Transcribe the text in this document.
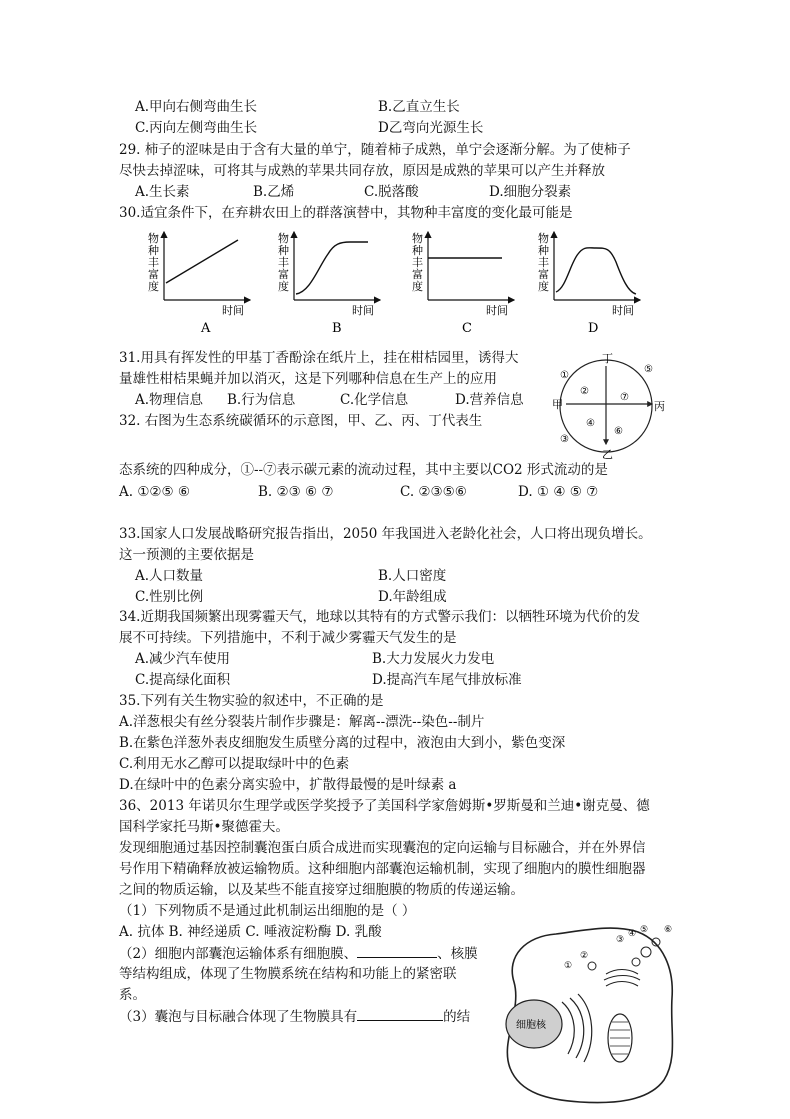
A.甲向右侧弯曲生长	B.乙直立生长
C.丙向左侧弯曲生长	D乙弯向光源生长
29. 柿子的涩味是由于含有大量的单宁，随着柿子成熟，单宁会逐渐分解。为了使柿子
尽快去掉涩味，可将其与成熟的苹果共同存放，原因是成熟的苹果可以产生并释放
A.生长素	B.乙烯	C.脱落酸	D.细胞分裂素
30.适宜条件下，在弃耕农田上的群落演替中，其物种丰富度的变化最可能是
物
种
丰
富
度
时间
A
物
种
丰
富
度
时间
B
物
种
丰
富
度
时间
C
物
种
丰
富
度
时间
D
31.用具有挥发性的甲基丁香酚涂在纸片上，挂在柑桔园里，诱得大
量雄性柑桔果蝇并加以消灭，这是下列哪种信息在生产上的应用
A.物理信息 B.行为信息	C.化学信息	D.营养信息
32. 右图为生态系统碳循环的示意图，甲、乙、丙、丁代表生
态系统的四种成分，①--⑦表示碳元素的流动过程，其中主要以CO2 形式流动的是
A. ①②⑤ ⑥	B. ②③ ⑥ ⑦	C. ②③⑤⑥	D. ① ④ ⑤ ⑦
丁
甲	丙
乙
①
②
③
④
⑤
⑥
⑦
33.国家人口发展战略研究报告指出，2050 年我国进入老龄化社会，人口将出现负增长。
这一预测的主要依据是
A.人口数量	B.人口密度
C.性别比例	D.年龄组成
34.近期我国频繁出现雾霾天气，地球以其特有的方式警示我们：以牺牲环境为代价的发
展不可持续。下列措施中，不利于减少雾霾天气发生的是
A.减少汽车使用	B.大力发展火力发电
C.提高绿化面积	D.提高汽车尾气排放标准
35.下列有关生物实验的叙述中，不正确的是
A.洋葱根尖有丝分裂装片制作步骤是：解离--漂洗--染色--制片
B.在紫色洋葱外表皮细胞发生质壁分离的过程中，液泡由大到小，紫色变深
C.利用无水乙醇可以提取绿叶中的色素
D.在绿叶中的色素分离实验中，扩散得最慢的是叶绿素 a
36、2013 年诺贝尔生理学或医学奖授予了美国科学家詹姆斯•罗斯曼和兰迪•谢克曼、德
国科学家托马斯•聚德霍夫。
发现细胞通过基因控制囊泡蛋白质合成进而实现囊泡的定向运输与目标融合，并在外界信
号作用下精确释放被运输物质。这种细胞内部囊泡运输机制，实现了细胞内的膜性细胞器
之间的物质运输，以及某些不能直接穿过细胞膜的物质的传递运输。
（1）下列物质不是通过此机制运出细胞的是（ ）
A. 抗体 B. 神经递质 C. 唾液淀粉酶 D. 乳酸
（2）细胞内部囊泡运输体系有细胞膜、	、核膜
等结构组成，体现了生物膜系统在结构和功能上的紧密联
系。
（3）囊泡与目标融合体现了生物膜具有	的结
细胞核
①
②
③
④ ⑤ ⑥
